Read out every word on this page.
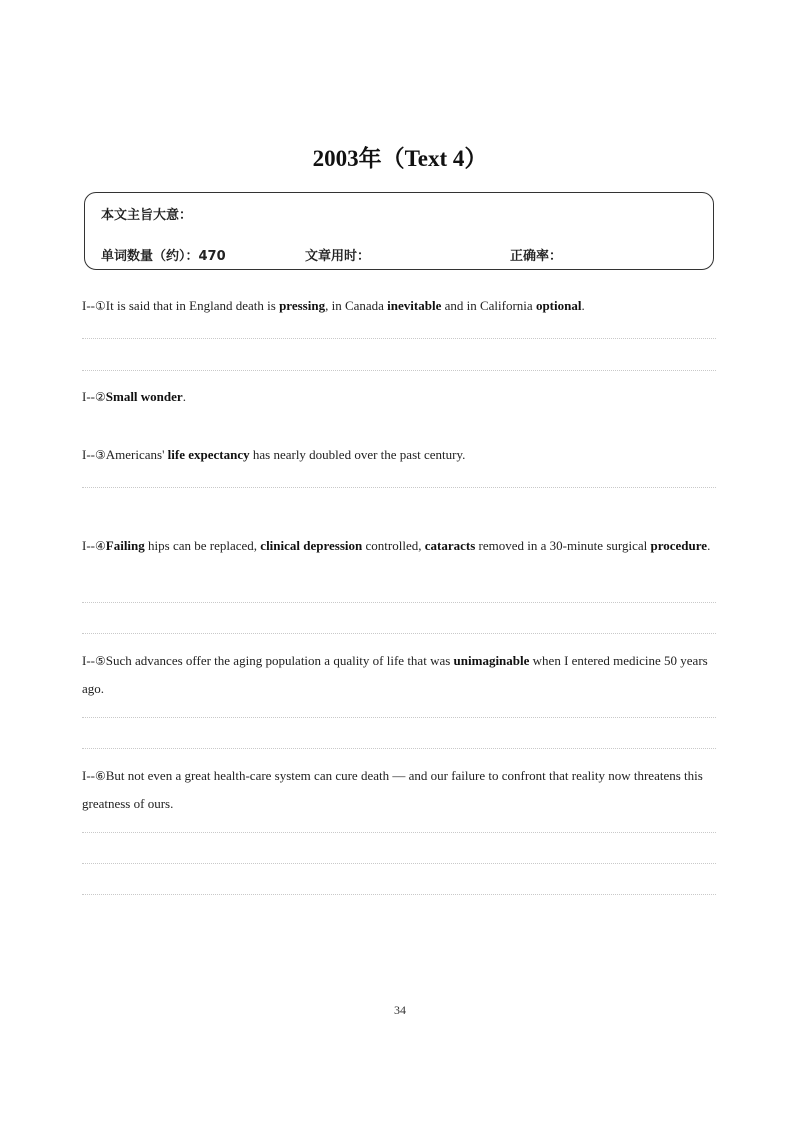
2003年（Text 4）
本文主旨大意：
单词数量（约）：470	文章用时：	正确率：
I--①It is said that in England death is pressing, in Canada inevitable and in California optional.
I--②Small wonder.
I--③Americans' life expectancy has nearly doubled over the past century.
I--④Failing hips can be replaced, clinical depression controlled, cataracts removed in a 30-minute surgical procedure.
I--⑤Such advances offer the aging population a quality of life that was unimaginable when I entered medicine 50 years ago.
I--⑥But not even a great health-care system can cure death — and our failure to confront that reality now threatens this greatness of ours.
34
